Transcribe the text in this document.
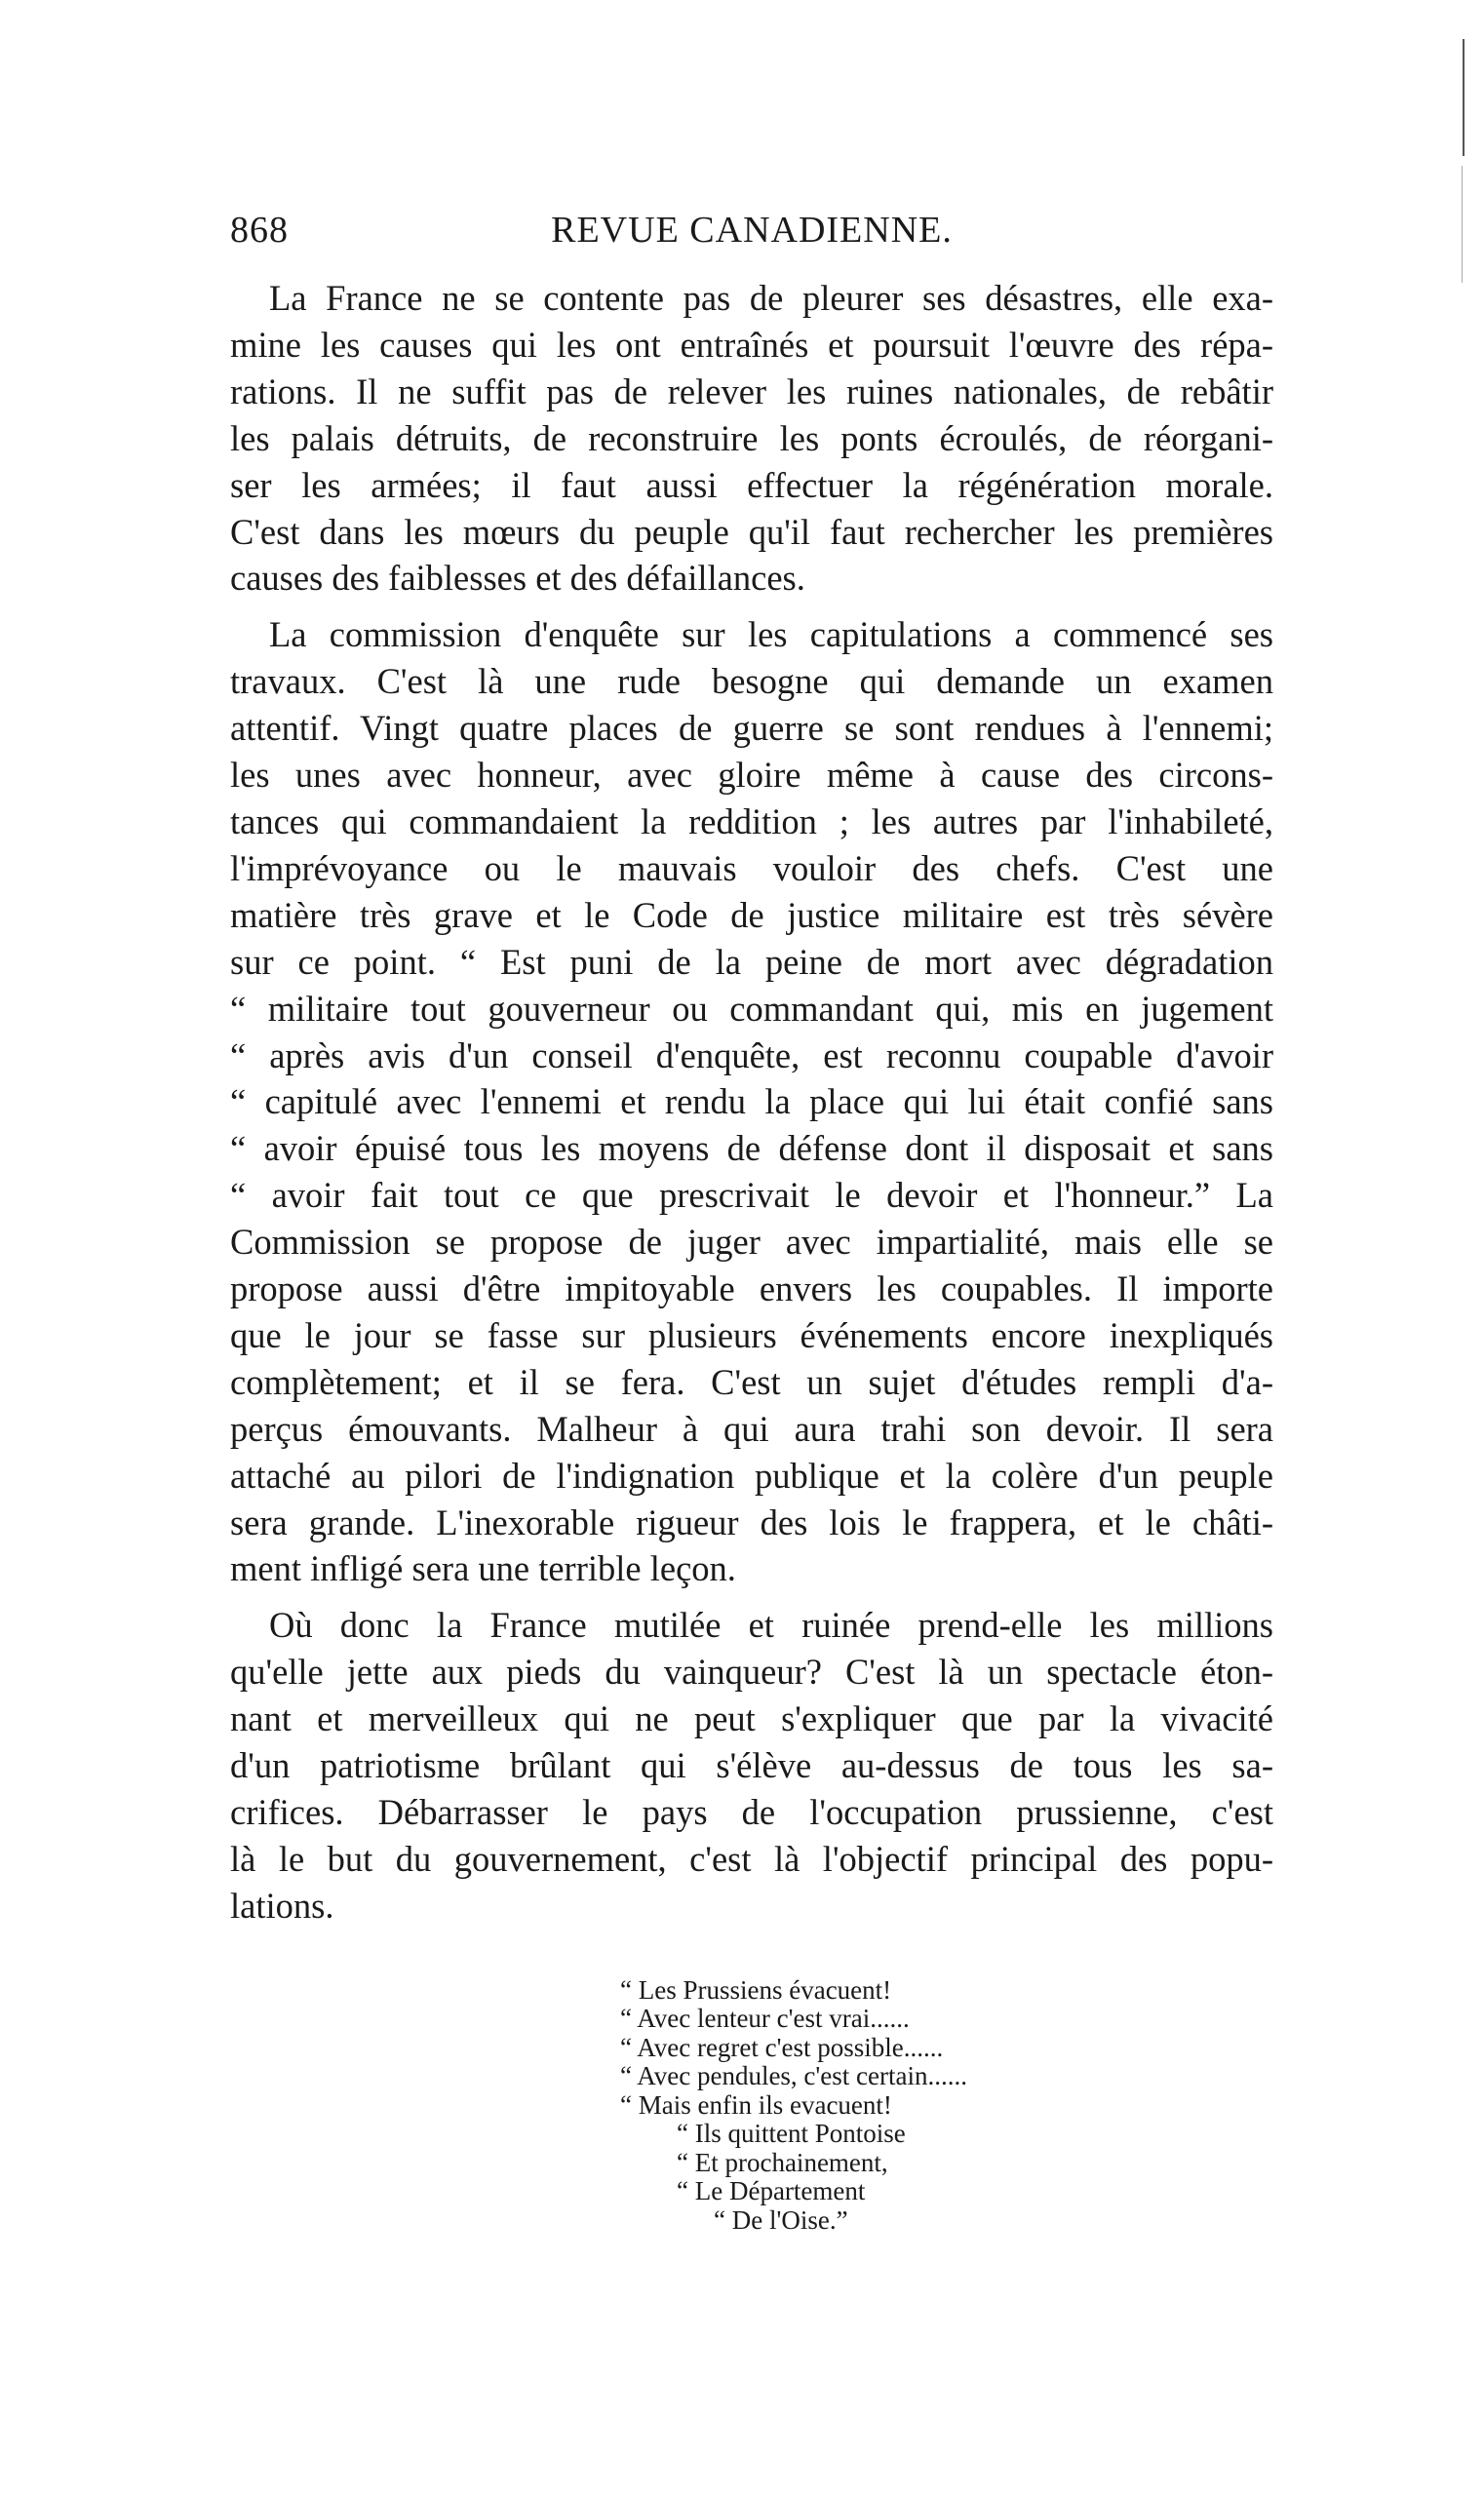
868	REVUE CANADIENNE.
La France ne se contente pas de pleurer ses désastres, elle exa-
mine les causes qui les ont entraînés et poursuit l'œuvre des répa-
rations. Il ne suffit pas de relever les ruines nationales, de rebâtir
les palais détruits, de reconstruire les ponts écroulés, de réorgani-
ser les armées; il faut aussi effectuer la régénération morale.
C'est dans les mœurs du peuple qu'il faut rechercher les premières
causes des faiblesses et des défaillances.
La commission d'enquête sur les capitulations a commencé ses
travaux. C'est là une rude besogne qui demande un examen
attentif. Vingt quatre places de guerre se sont rendues à l'ennemi;
les unes avec honneur, avec gloire même à cause des circons-
tances qui commandaient la reddition ; les autres par l'inhabileté,
l'imprévoyance ou le mauvais vouloir des chefs. C'est une
matière très grave et le Code de justice militaire est très sévère
sur ce point. “ Est puni de la peine de mort avec dégradation
“ militaire tout gouverneur ou commandant qui, mis en jugement
“ après avis d'un conseil d'enquête, est reconnu coupable d'avoir
“ capitulé avec l'ennemi et rendu la place qui lui était confié sans
“ avoir épuisé tous les moyens de défense dont il disposait et sans
“ avoir fait tout ce que prescrivait le devoir et l'honneur.” La
Commission se propose de juger avec impartialité, mais elle se
propose aussi d'être impitoyable envers les coupables. Il importe
que le jour se fasse sur plusieurs événements encore inexpliqués
complètement; et il se fera. C'est un sujet d'études rempli d'a-
perçus émouvants. Malheur à qui aura trahi son devoir. Il sera
attaché au pilori de l'indignation publique et la colère d'un peuple
sera grande. L'inexorable rigueur des lois le frappera, et le châti-
ment infligé sera une terrible leçon.
Où donc la France mutilée et ruinée prend-elle les millions
qu'elle jette aux pieds du vainqueur? C'est là un spectacle éton-
nant et merveilleux qui ne peut s'expliquer que par la vivacité
d'un patriotisme brûlant qui s'élève au-dessus de tous les sa-
crifices. Débarrasser le pays de l'occupation prussienne, c'est
là le but du gouvernement, c'est là l'objectif principal des popu-
lations.
“ Les Prussiens évacuent!
“ Avec lenteur c'est vrai......
“ Avec regret c'est possible......
“ Avec pendules, c'est certain......
“ Mais enfin ils evacuent!
“ Ils quittent Pontoise
“ Et prochainement,
“ Le Département
“ De l'Oise.”
